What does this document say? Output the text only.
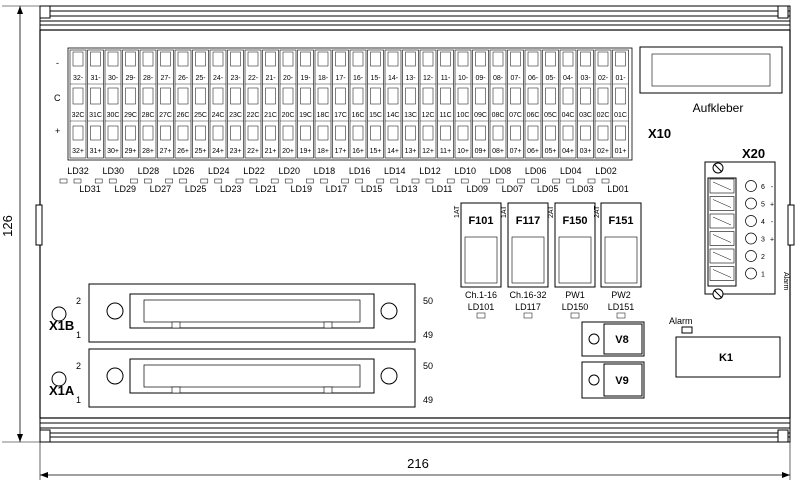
126
216
Aufkleber
-
C
+
32-
32C
32+
31-
31C
31+
30-
30C
30+
29-
29C
29+
28-
28C
28+
27-
27C
27+
26-
26C
26+
25-
25C
25+
24-
24C
24+
23-
23C
23+
22-
22C
22+
21-
21C
21+
20-
20C
20+
19-
19C
19+
18-
18C
18+
17-
17C
17+
16-
16C
16+
15-
15C
15+
14-
14C
14+
13-
13C
13+
12-
12C
12+
11-
11C
11+
10-
10C
10+
09-
09C
09+
08-
08C
08+
07-
07C
07+
06-
06C
06+
05-
05C
05+
04-
04C
04+
03-
03C
03+
02-
02C
02+
01-
01C
01+
X10
LD32
LD31
LD30
LD29
LD28
LD27
LD26
LD25
LD24
LD23
LD22
LD21
LD20
LD19
LD18
LD17
LD16
LD15
LD14
LD13
LD12
LD11
LD10
LD09
LD08
LD07
LD06
LD05
LD04
LD03
LD02
LD01
F101
1AT
Ch.1-16
LD101
F117
1AT
Ch.16-32
LD117
F150
2AT
PW1
LD150
F151
2AT
PW2
LD151
X20
6
5
4
3
2
1
-
+
-
+
Alarm
X1B
2
1
50
49
X1A
2
1
50
49
Alarm
V8
V9
K1
